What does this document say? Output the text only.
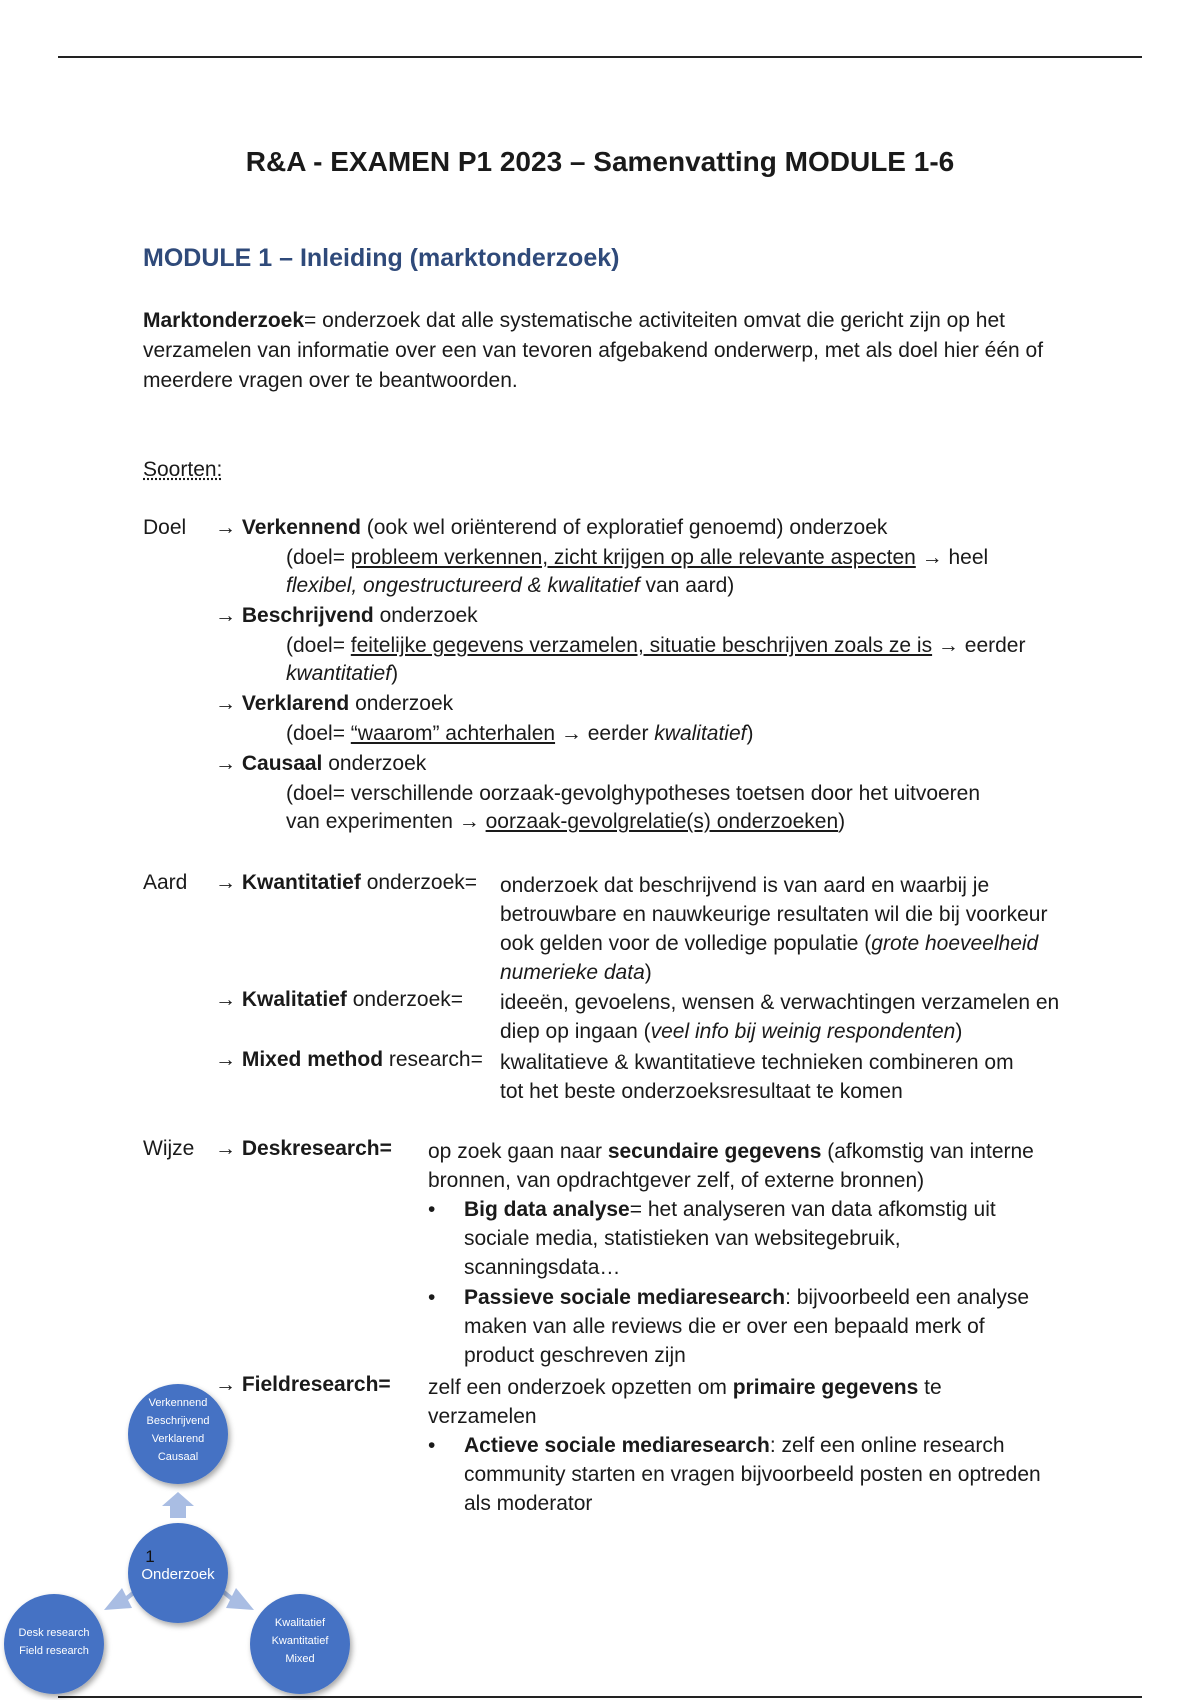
R&A - EXAMEN P1 2023 – Samenvatting MODULE 1-6
MODULE 1 – Inleiding (marktonderzoek)
Marktonderzoek= onderzoek dat alle systematische activiteiten omvat die gericht zijn op het verzamelen van informatie over een van tevoren afgebakend onderwerp, met als doel hier één of meerdere vragen over te beantwoorden.
Soorten:
Doel → Verkennend (ook wel oriënterend of exploratief genoemd) onderzoek
(doel= probleem verkennen, zicht krijgen op alle relevante aspecten → heel
flexibel, ongestructureerd & kwalitatief van aard)
→ Beschrijvend onderzoek
(doel= feitelijke gegevens verzamelen, situatie beschrijven zoals ze is → eerder
kwantitatief)
→ Verklarend onderzoek
(doel= “waarom” achterhalen → eerder kwalitatief)
→ Causaal onderzoek
(doel= verschillende oorzaak-gevolghypotheses toetsen door het uitvoeren
van experimenten → oorzaak-gevolgrelatie(s) onderzoeken)
Aard → Kwantitatief onderzoek= onderzoek dat beschrijvend is van aard en waarbij je betrouwbare en nauwkeurige resultaten wil die bij voorkeur ook gelden voor de volledige populatie (grote hoeveelheid numerieke data)
→ Kwalitatief onderzoek= ideeën, gevoelens, wensen & verwachtingen verzamelen en diep op ingaan (veel info bij weinig respondenten)
→ Mixed method research= kwalitatieve & kwantitatieve technieken combineren om tot het beste onderzoeksresultaat te komen
Wijze → Deskresearch= op zoek gaan naar secundaire gegevens (afkomstig van interne bronnen, van opdrachtgever zelf, of externe bronnen)
• Big data analyse= het analyseren van data afkomstig uit sociale media, statistieken van websitegebruik, scanningsdata…
• Passieve sociale mediaresearch: bijvoorbeeld een analyse maken van alle reviews die er over een bepaald merk of product geschreven zijn
→ Fieldresearch= zelf een onderzoek opzetten om primaire gegevens te verzamelen
• Actieve sociale mediaresearch: zelf een online research community starten en vragen bijvoorbeeld posten en optreden als moderator
Verkennend
Beschrijvend
Verklarend
Causaal
1
Onderzoek
Desk research
Field research
Kwalitatief
Kwantitatief
Mixed
